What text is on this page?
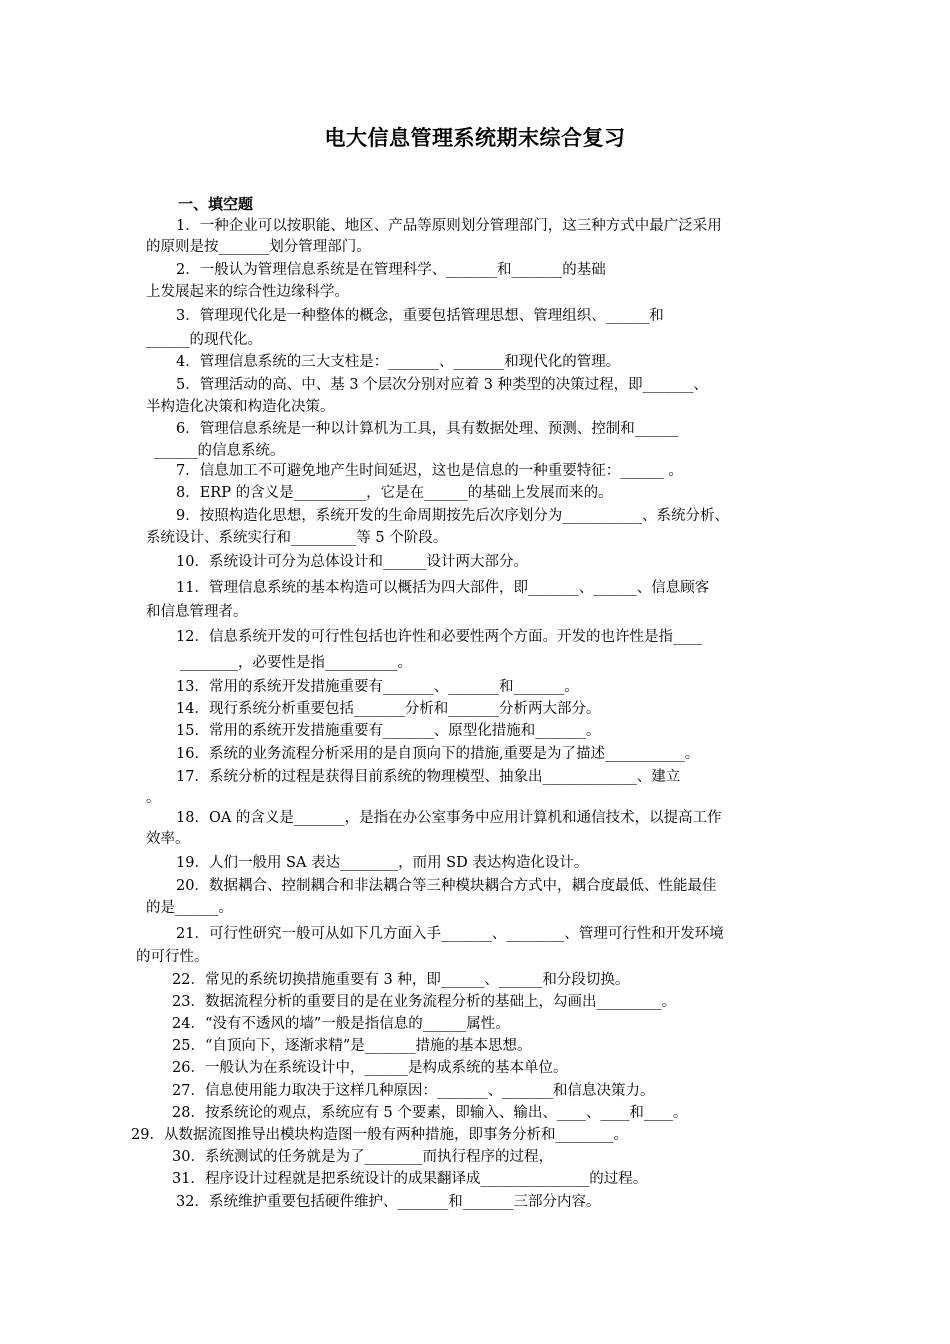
电大信息管理系统期末综合复习
一、填空题
1．一种企业可以按职能、地区、产品等原则划分管理部门，这三种方式中最广泛采用
的原则是按_______划分管理部门。
2．一般认为管理信息系统是在管理科学、_______和_______的基础
上发展起来的综合性边缘科学。
3．管理现代化是一种整体的概念，重要包括管理思想、管理组织、______和
______的现代化。
4．管理信息系统的三大支柱是：_______、_______和现代化的管理。
5．管理活动的高、中、基 3 个层次分别对应着 3 种类型的决策过程，即_______、
半构造化决策和构造化决策。
6．管理信息系统是一种以计算机为工具，具有数据处理、预测、控制和______
______的信息系统。
7．信息加工不可避免地产生时间延迟，这也是信息的一种重要特征：______ 。
8．ERP 的含义是__________，它是在______的基础上发展而来的。
9．按照构造化思想，系统开发的生命周期按先后次序划分为___________、系统分析、
系统设计、系统实行和_________等 5 个阶段。
10．系统设计可分为总体设计和______设计两大部分。
11．管理信息系统的基本构造可以概括为四大部件，即_______、______、信息顾客
和信息管理者。
12．信息系统开发的可行性包括也许性和必要性两个方面。开发的也许性是指____
________，必要性是指__________。
13．常用的系统开发措施重要有_______、_______和_______。
14．现行系统分析重要包括_______分析和_______分析两大部分。
15．常用的系统开发措施重要有_______、原型化措施和_______。
16．系统的业务流程分析采用的是自顶向下的措施,重要是为了描述___________。
17．系统分析的过程是获得目前系统的物理模型、抽象出_____________、建立
。
18．OA 的含义是_______，是指在办公室事务中应用计算机和通信技术，以提高工作
效率。
19．人们一般用 SA 表达________，而用 SD 表达构造化设计。
20．数据耦合、控制耦合和非法耦合等三种模块耦合方式中，耦合度最低、性能最佳
的是______。
21．可行性研究一般可从如下几方面入手_______、________、管理可行性和开发环境
的可行性。
22．常见的系统切换措施重要有 3 种，即______、______和分段切换。
23．数据流程分析的重要目的是在业务流程分析的基础上，勾画出_________。
24．“没有不透风的墙”一般是指信息的______属性。
25．“自顶向下，逐渐求精”是_______措施的基本思想。
26．一般认为在系统设计中，______是构成系统的基本单位。
27．信息使用能力取决于这样几种原因：_______、_______和信息决策力。
28．按系统论的观点，系统应有 5 个要素，即输入、输出、____、____和____。
29．从数据流图推导出模块构造图一般有两种措施，即事务分析和________。
30．系统测试的任务就是为了________而执行程序的过程，
31．程序设计过程就是把系统设计的成果翻译成_______________的过程。
32．系统维护重要包括硬件维护、_______和_______三部分内容。
